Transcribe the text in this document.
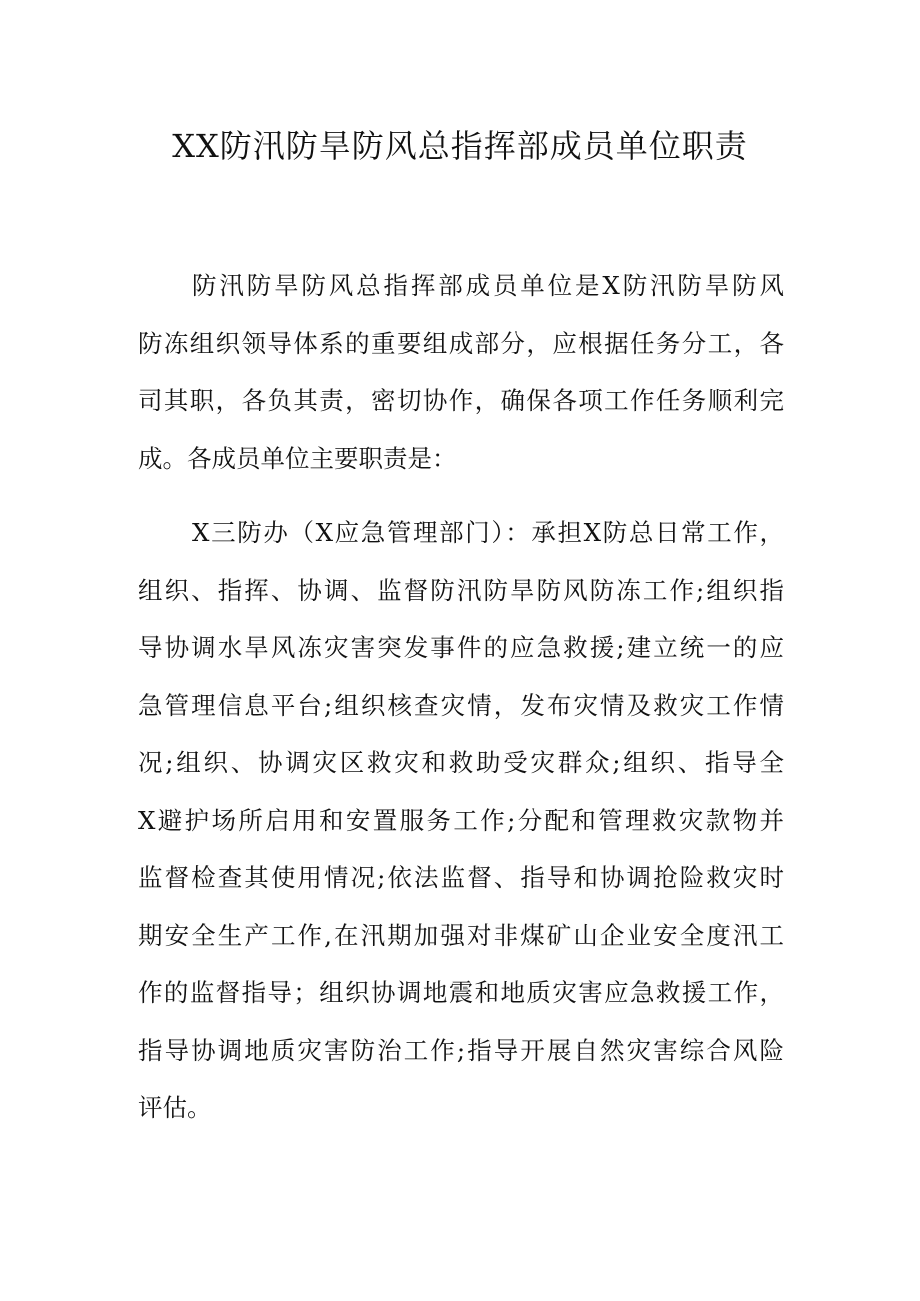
XX防汛防旱防风总指挥部成员单位职责
防汛防旱防风总指挥部成员单位是X防汛防旱防风
防冻组织领导体系的重要组成部分，应根据任务分工，各
司其职，各负其责，密切协作，确保各项工作任务顺利完
成。各成员单位主要职责是：
X三防办（X应急管理部门）：承担X防总日常工作，
组织、指挥、协调、监督防汛防旱防风防冻工作;组织指
导协调水旱风冻灾害突发事件的应急救援;建立统一的应
急管理信息平台;组织核查灾情，发布灾情及救灾工作情
况;组织、协调灾区救灾和救助受灾群众;组织、指导全
X避护场所启用和安置服务工作;分配和管理救灾款物并
监督检查其使用情况;依法监督、指导和协调抢险救灾时
期安全生产工作,在汛期加强对非煤矿山企业安全度汛工
作的监督指导；组织协调地震和地质灾害应急救援工作，
指导协调地质灾害防治工作;指导开展自然灾害综合风险
评估。
